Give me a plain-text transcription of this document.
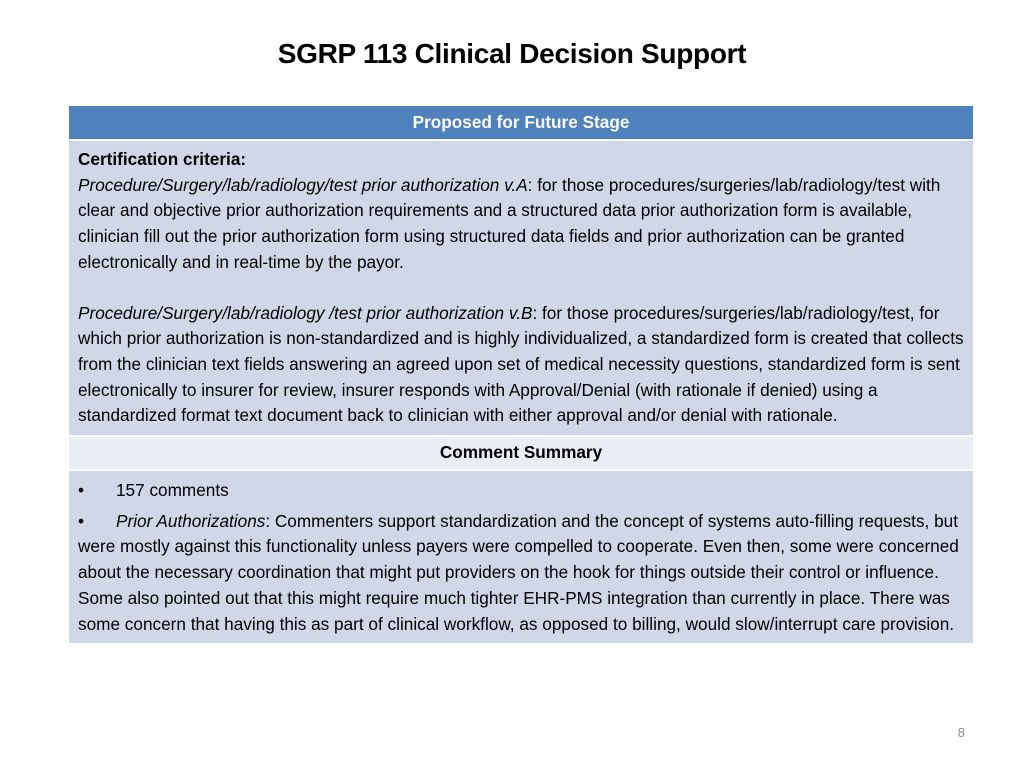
SGRP 113 Clinical Decision Support
Proposed for Future Stage

Certification criteria:
Procedure/Surgery/lab/radiology/test prior authorization v.A: for those procedures/surgeries/lab/radiology/test with clear and objective prior authorization requirements and a structured data prior authorization form is available, clinician fill out the prior authorization form using structured data fields and prior authorization can be granted electronically and in real-time by the payor.
Procedure/Surgery/lab/radiology /test prior authorization v.B: for those procedures/surgeries/lab/radiology/test, for which prior authorization is non-standardized and is highly individualized, a standardized form is created that collects from the clinician text fields answering an agreed upon set of medical necessity questions, standardized form is sent electronically to insurer for review, insurer responds with Approval/Denial (with rationale if denied) using a standardized format text document back to clinician with either approval and/or denial with rationale.

Comment Summary

• 157 comments
• Prior Authorizations: Commenters support standardization and the concept of systems auto-filling requests, but were mostly against this functionality unless payers were compelled to cooperate. Even then, some were concerned about the necessary coordination that might put providers on the hook for things outside their control or influence. Some also pointed out that this might require much tighter EHR-PMS integration than currently in place. There was some concern that having this as part of clinical workflow, as opposed to billing, would slow/interrupt care provision.
8
